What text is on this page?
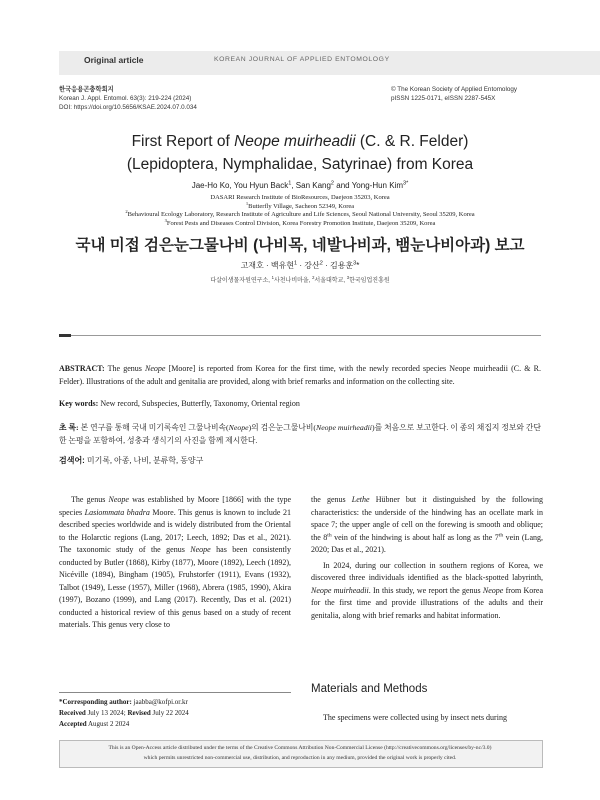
Original article	KOREAN JOURNAL OF APPLIED ENTOMOLOGY
한국응용곤충학회지
Korean J. Appl. Entomol. 63(3): 219-224 (2024)
DOI: https://doi.org/10.5656/KSAE.2024.07.0.034
© The Korean Society of Applied Entomology
pISSN 1225-0171, eISSN 2287-545X
First Report of Neope muirheadii (C. & R. Felder)
(Lepidoptera, Nymphalidae, Satyrinae) from Korea
Jae-Ho Ko, You Hyun Back$^1$, San Kang$^2$ and Yong-Hun Kim$^{3*}$
DASARI Research Institute of BioResources, Daejeon 35203, Korea
$^1$Butterfly Village, Sacheon 52349, Korea
$^2$Behavioural Ecology Laboratory, Research Institute of Agriculture and Life Sciences, Seoul National University, Seoul 35209, Korea
$^3$Forest Pests and Diseases Control Division, Korea Forestry Promotion Institute, Daejeon 35209, Korea
국내 미접 검은눈그물나비 (나비목, 네발나비과, 뱀눈나비아과) 보고
고재호 · 백유현$^1$ · 강산$^2$ · 김용훈$^3$*
다살이생물자원연구소, $^1$사천나비마을, $^2$서울대학교, $^3$한국임업진흥원
ABSTRACT: The genus Neope [Moore] is reported from Korea for the first time, with the newly recorded species Neope muirheadii (C. & R. Felder). Illustrations of the adult and genitalia are provided, along with brief remarks and information on the collecting site.
Key words: New record, Subspecies, Butterfly, Taxonomy, Oriental region
초 록: 본 연구를 통해 국내 미기록속인 그물나비속(Neope)의 검은눈그물나비(Neope muirheadii)를 처음으로 보고한다. 이 종의 채집지 정보와 간단한 논평을 포함하여, 성충과 생식기의 사진을 함께 제시한다.
검색어: 미기록, 아종, 나비, 분류학, 동양구
The genus Neope was established by Moore [1866] with the type species Lasiommata bhadra Moore. This genus is known to include 21 described species worldwide and is widely distributed from the Oriental to the Holarctic regions (Lang, 2017; Leech, 1892; Das et al., 2021). The taxonomic study of the genus Neope has been consistently conducted by Butler (1868), Kirby (1877), Moore (1892), Leech (1892), Nicéville (1894), Bingham (1905), Fruhstorfer (1911), Evans (1932), Talbot (1949), Lesse (1957), Miller (1968), Abrera (1985, 1990), Akira (1997), Bozano (1999), and Lang (2017). Recently, Das et al. (2021) conducted a historical review of this genus based on a study of recent materials. This genus very close to
*Corresponding author: jaabba@kofpi.or.kr
Received July 13 2024; Revised July 22 2024
Accepted August 2 2024
the genus Lethe Hübner but it distinguished by the following characteristics: the underside of the hindwing has an ocellate mark in space 7; the upper angle of cell on the forewing is smooth and oblique; the 8th vein of the hindwing is about half as long as the 7th vein (Lang, 2020; Das et al., 2021).
In 2024, during our collection in southern regions of Korea, we discovered three individuals identified as the black-spotted labyrinth, Neope muirheadii. In this study, we report the genus Neope from Korea for the first time and provide illustrations of the adults and their genitalia, along with brief remarks and habitat information.
Materials and Methods
The specimens were collected using by insect nets during
This is an Open-Access article distributed under the terms of the Creative Commons Attribution Non-Commercial License (http://creativecommons.org/licenses/by-nc/3.0)
which permits unrestricted non-commercial use, distribution, and reproduction in any medium, provided the original work is properly cited.
